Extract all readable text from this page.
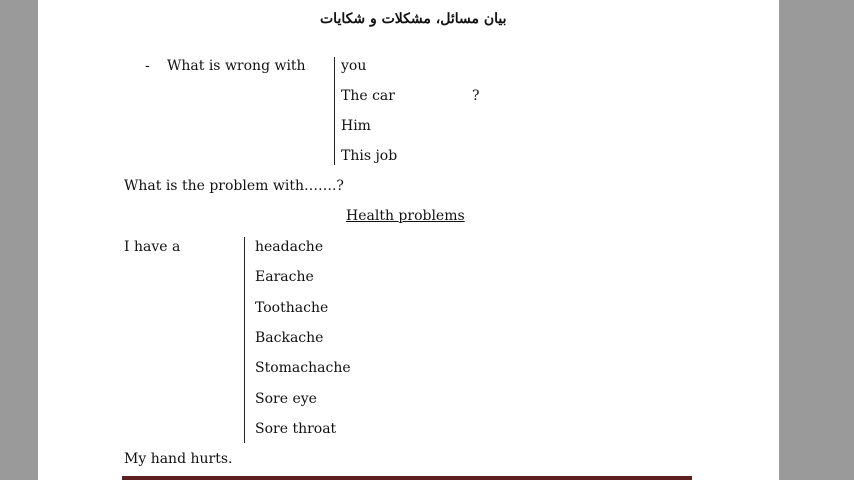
بیان مسائل، مشکلات و شکایات
- What is wrong with	you
The car	?
Him
This job
What is the problem with…….?
Health problems
I have a	headache
Earache
Toothache
Backache
Stomachache
Sore eye
Sore throat
My hand hurts.
